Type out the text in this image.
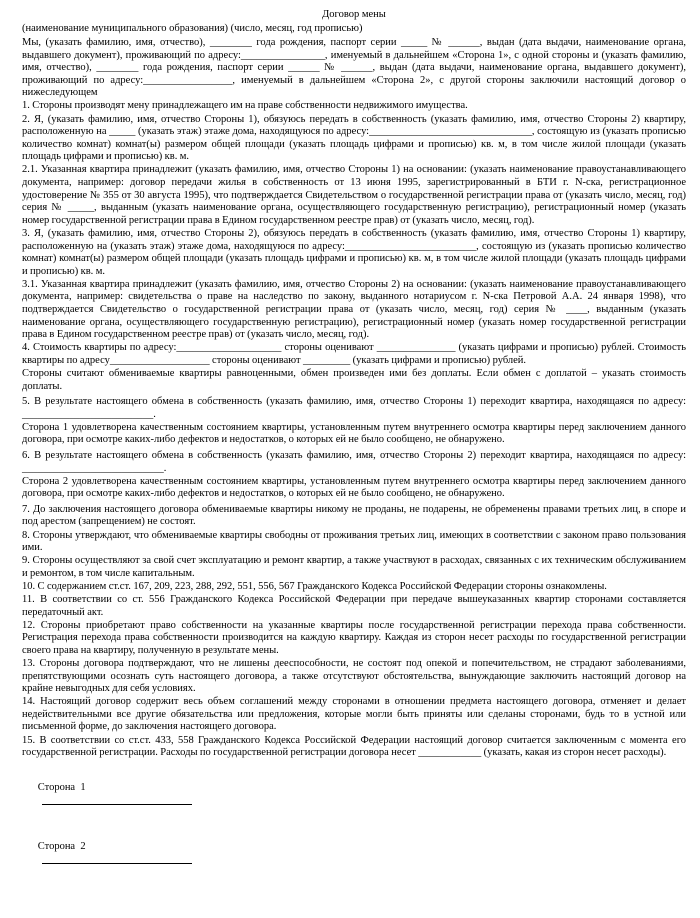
Договор мены
(наименование муниципального образования) (число, месяц, год прописью)

Мы, (указать фамилию, имя, отчество), ________ года рождения, паспорт серии _____ № ______, выдан (дата выдачи, наименование органа, выдавшего документ), проживающий по адресу:________________, именуемый в дальнейшем «Сторона 1», с одной стороны и (указать фамилию, имя, отчество), ________ года рождения, паспорт серии ______ № ______, выдан (дата выдачи, наименование органа, выдавшего документ), проживающий по адресу:_________________, именуемый в дальнейшем «Сторона 2», с другой стороны заключили настоящий договор о нижеследующем

1. Стороны производят мену принадлежащего им на праве собственности недвижимого имущества.

2. Я, (указать фамилию, имя, отчество Стороны 1), обязуюсь передать в собственность (указать фамилию, имя, отчество Стороны 2) квартиру, расположенную на _____ (указать этаж) этаже дома, находящуюся по адресу:_______________________________, состоящую из (указать прописью количество комнат) комнат(ы) размером общей площади (указать площадь цифрами и прописью) кв. м, в том числе жилой площади (указать площадь цифрами и прописью) кв. м.

2.1. Указанная квартира принадлежит (указать фамилию, имя, отчество Стороны 1) на основании: (указать наименование правоустанавливающего документа, например: договор передачи жилья в собственность от 13 июня 1995, зарегистрированный в БТИ г. N-ска, регистрационное удостоверение № 355 от 30 августа 1995), что подтверждается Свидетельством о государственной регистрации права от (указать число, месяц, год) серия № _____, выданным (указать наименование органа, осуществляющего государственную регистрацию), регистрационный номер (указать номер государственной регистрации права в Едином государственном реестре прав) от (указать число, месяц, год).

3. Я, (указать фамилию, имя, отчество Стороны 2), обязуюсь передать в собственность (указать фамилию, имя, отчество Стороны 1) квартиру, расположенную на (указать этаж) этаже дома, находящуюся по адресу:_________________________, состоящую из (указать прописью количество комнат) комнат(ы) размером общей площади (указать площадь цифрами и прописью) кв. м, в том числе жилой площади (указать площадь цифрами и прописью) кв. м.

3.1. Указанная квартира принадлежит (указать фамилию, имя, отчество Стороны 2) на основании: (указать наименование правоустанавливающего документа, например: свидетельства о праве на наследство по закону, выданного нотариусом г. N-ска Петровой А.А. 24 января 1998), что подтверждается Свидетельство о государственной регистрации права от (указать число, месяц, год) серия № ____, выданным (указать наименование органа, осуществляющего государственную регистрацию), регистрационный номер (указать номер государственной регистрации права в Едином государственном реестре прав) от (указать число, месяц, год).

4. Стоимость квартиры по адресу:____________________ стороны оценивают _______________ (указать цифрами и прописью) рублей. Стоимость квартиры по адресу___________________ стороны оценивают _________ (указать цифрами и прописью) рублей.

Стороны считают обмениваемые квартиры равноценными, обмен произведен ими без доплаты. Если обмен с доплатой – указать стоимость доплаты.

5. В результате настоящего обмена в собственность (указать фамилию, имя, отчество Стороны 1) переходит квартира, находящаяся по адресу: _________________________.

Сторона 1 удовлетворена качественным состоянием квартиры, установленным путем внутреннего осмотра квартиры перед заключением данного договора, при осмотре каких-либо дефектов и недостатков, о которых ей не было сообщено, не обнаружено.

6. В результате настоящего обмена в собственность (указать фамилию, имя, отчество Стороны 2) переходит квартира, находящаяся по адресу: ___________________________.

Сторона 2 удовлетворена качественным состоянием квартиры, установленным путем внутреннего осмотра квартиры перед заключением данного договора, при осмотре каких-либо дефектов и недостатков, о которых ей не было сообщено, не обнаружено.

7. До заключения настоящего договора обмениваемые квартиры никому не проданы, не подарены, не обременены правами третьих лиц, в споре и под арестом (запрещением) не состоят.

8. Стороны утверждают, что обмениваемые квартиры свободны от проживания третьих лиц, имеющих в соответствии с законом право пользования ими.

9. Стороны осуществляют за свой счет эксплуатацию и ремонт квартир, а также участвуют в расходах, связанных с их техническим обслуживанием и ремонтом, в том числе капитальным.

10. С содержанием ст.ст. 167, 209, 223, 288, 292, 551, 556, 567 Гражданского Кодекса Российской Федерации стороны ознакомлены.

11. В соответствии со ст. 556 Гражданского Кодекса Российской Федерации при передаче вышеуказанных квартир сторонами составляется передаточный акт.

12. Стороны приобретают право собственности на указанные квартиры после государственной регистрации перехода права собственности. Регистрация перехода права собственности производится на каждую квартиру. Каждая из сторон несет расходы по государственной регистрации своего права на квартиру, полученную в результате мены.

13. Стороны договора подтверждают, что не лишены дееспособности, не состоят под опекой и попечительством, не страдают заболеваниями, препятствующими осознать суть настоящего договора, а также отсутствуют обстоятельства, вынуждающие заключить настоящий договор на крайне невыгодных для себя условиях.

14. Настоящий договор содержит весь объем соглашений между сторонами в отношении предмета настоящего договора, отменяет и делает недействительными все другие обязательства или предложения, которые могли быть приняты или сделаны сторонами, будь то в устной или письменной форме, до заключения настоящего договора.

15. В соответствии со ст.ст. 433, 558 Гражданского Кодекса Российской Федерации настоящий договор считается заключенным с момента его государственной регистрации. Расходы по государственной регистрации договора несет ____________ (указать, какая из сторон несет расходы).

Сторона  1

Сторона  2
